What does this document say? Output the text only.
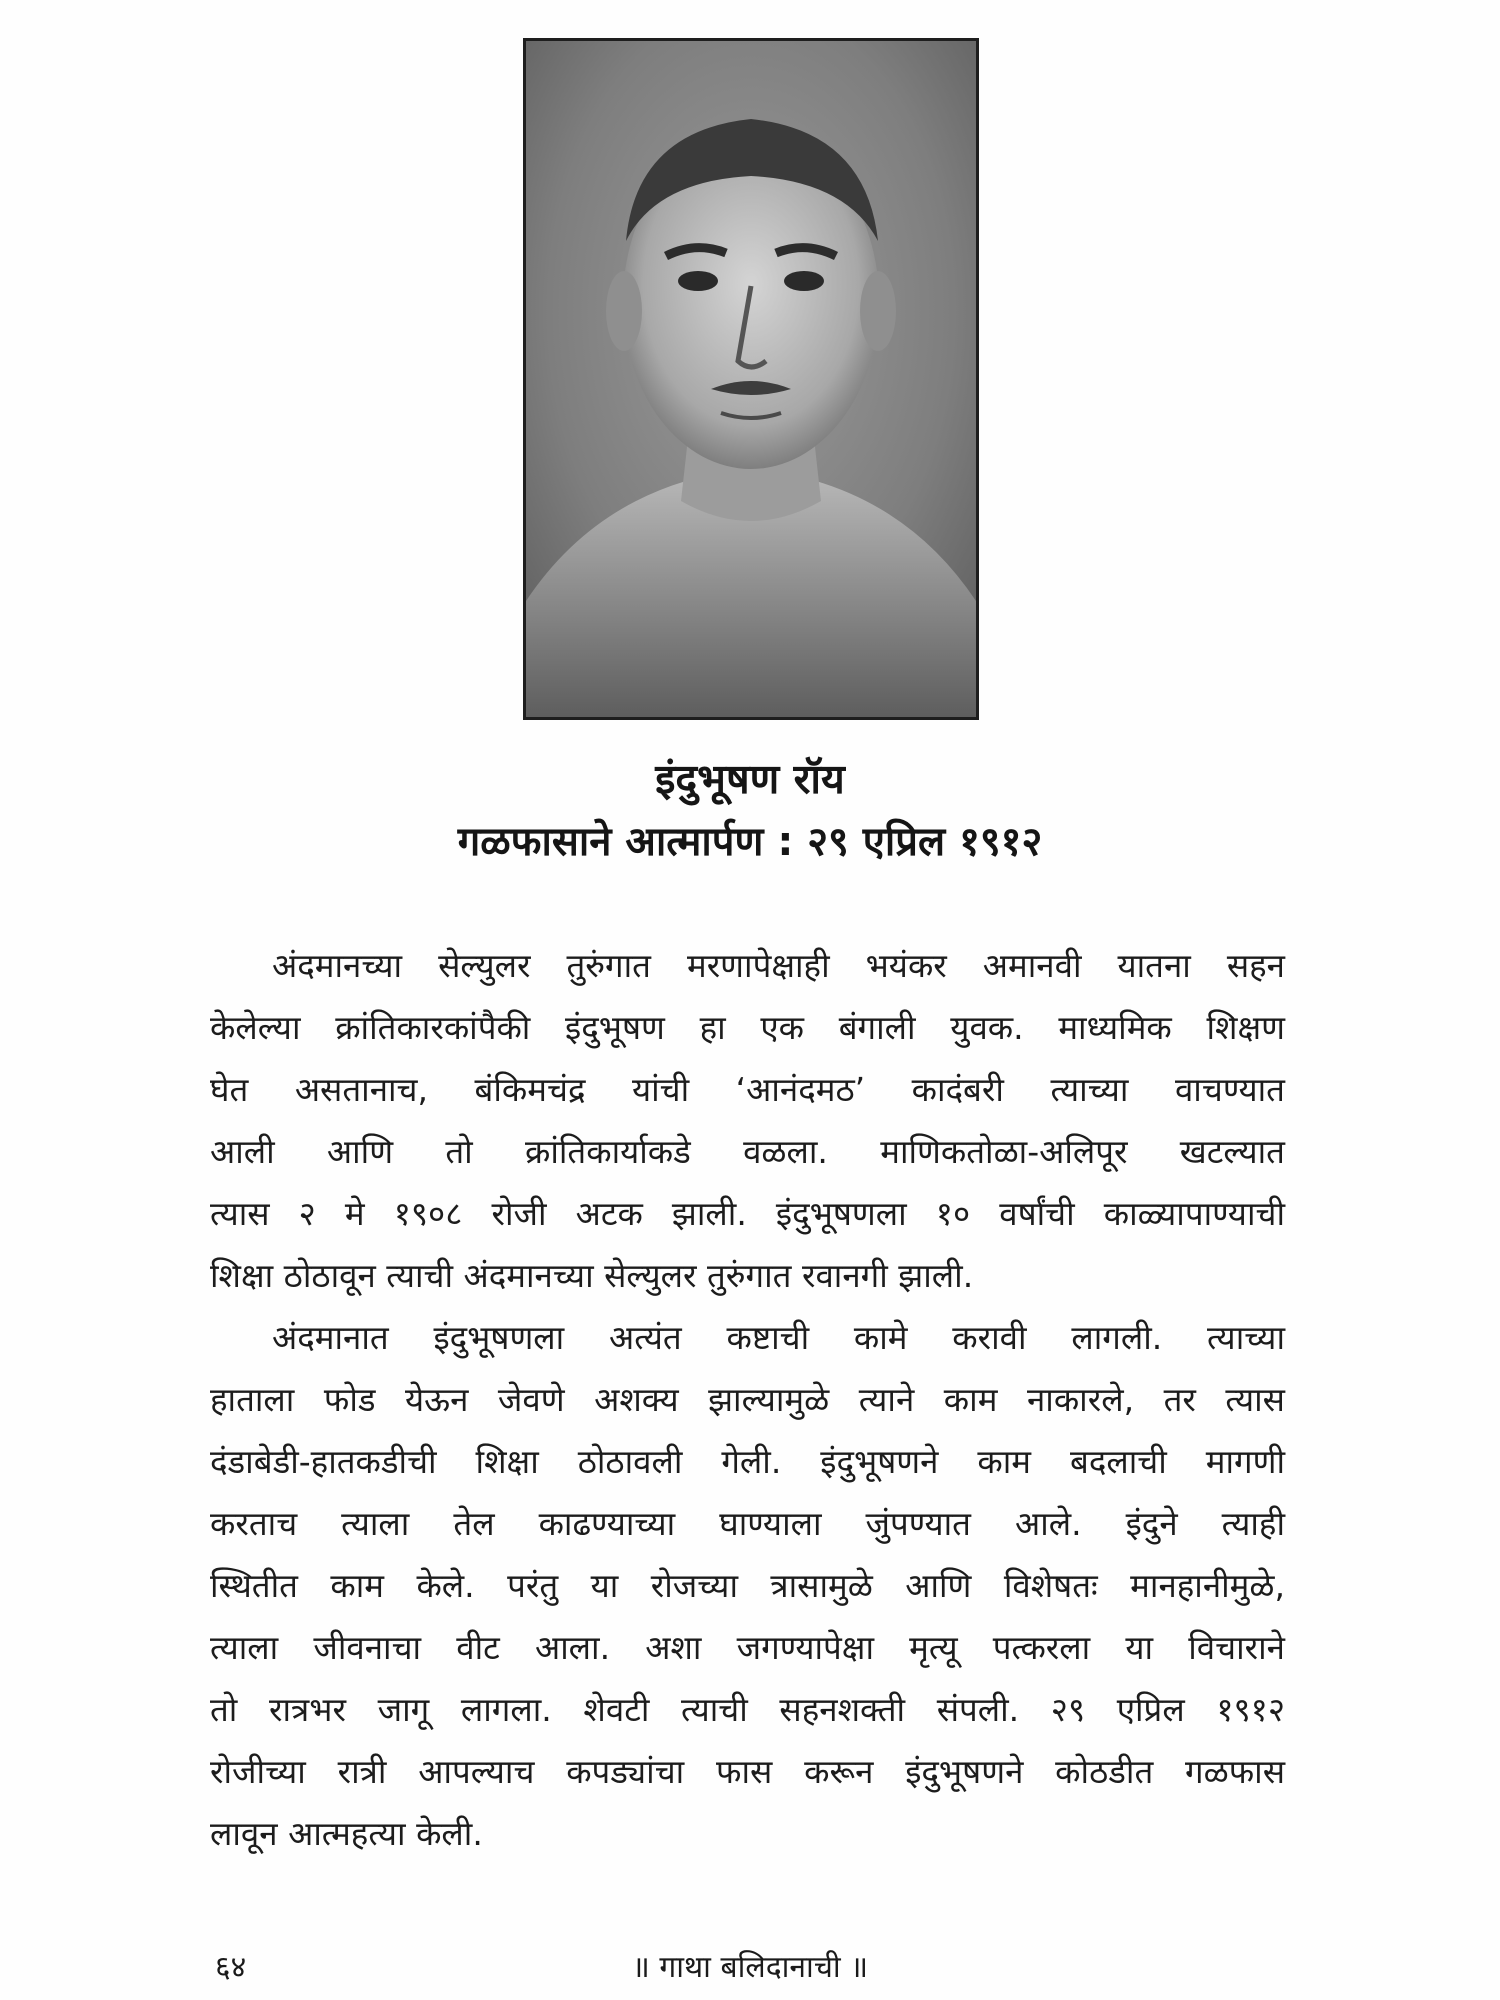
इंदुभूषण रॉय
गळफासाने आत्मार्पण : २९ एप्रिल १९१२
अंदमानच्या सेल्युलर तुरुंगात मरणापेक्षाही भयंकर अमानवी यातना सहन
केलेल्या क्रांतिकारकांपैकी इंदुभूषण हा एक बंगाली युवक. माध्यमिक शिक्षण
घेत असतानाच, बंकिमचंद्र यांची ‘आनंदमठ’ कादंबरी त्याच्या वाचण्यात
आली आणि तो क्रांतिकार्याकडे वळला. माणिकतोळा-अलिपूर खटल्यात
त्यास २ मे १९०८ रोजी अटक झाली. इंदुभूषणला १० वर्षांची काळ्यापाण्याची
शिक्षा ठोठावून त्याची अंदमानच्या सेल्युलर तुरुंगात रवानगी झाली.
अंदमानात इंदुभूषणला अत्यंत कष्टाची कामे करावी लागली. त्याच्या
हाताला फोड येऊन जेवणे अशक्य झाल्यामुळे त्याने काम नाकारले, तर त्यास
दंडाबेडी-हातकडीची शिक्षा ठोठावली गेली. इंदुभूषणने काम बदलाची मागणी
करताच त्याला तेल काढण्याच्या घाण्याला जुंपण्यात आले. इंदुने त्याही
स्थितीत काम केले. परंतु या रोजच्या त्रासामुळे आणि विशेषतः मानहानीमुळे,
त्याला जीवनाचा वीट आला. अशा जगण्यापेक्षा मृत्यू पत्करला या विचाराने
तो रात्रभर जागू लागला. शेवटी त्याची सहनशक्ती संपली. २९ एप्रिल १९१२
रोजीच्या रात्री आपल्याच कपड्यांचा फास करून इंदुभूषणने कोठडीत गळफास
लावून आत्महत्या केली.
६४	॥ गाथा बलिदानाची ॥
